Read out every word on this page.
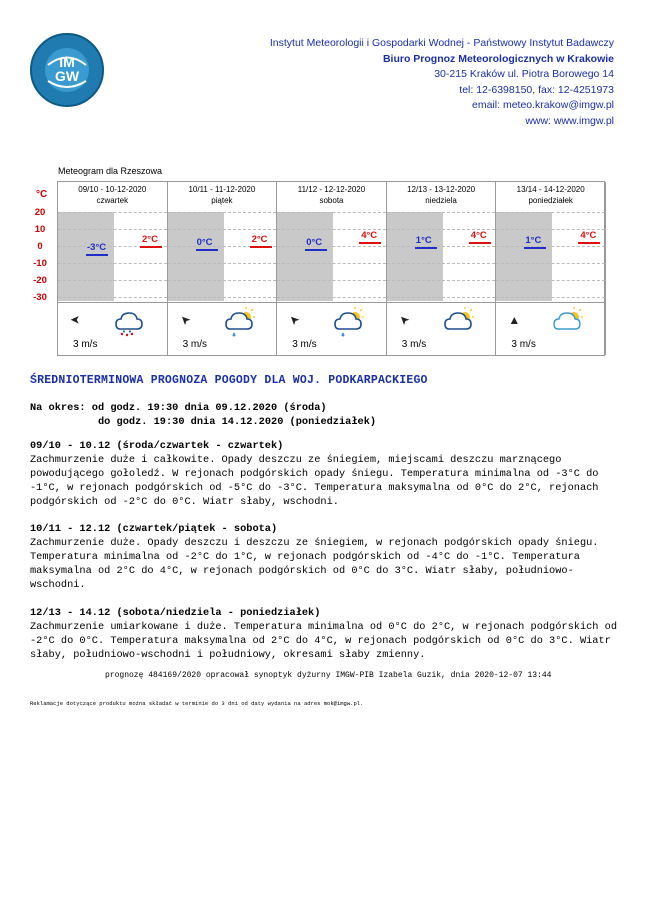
IM
GW
Instytut Meteorologii i Gospodarki Wodnej - Państwowy Instytut Badawczy
Biuro Prognoz Meteorologicznych w Krakowie
30-215 Kraków ul. Piotra Borowego 14
tel: 12-6398150, fax: 12-4251973
email: meteo.krakow@imgw.pl
www: www.imgw.pl
Meteogram dla Rzeszowa
°C
20
10
0
-10
-20
-30
09/10 - 10-12-2020
czwartek
-3°C
2°C
➤
3 m/s
10/11 - 11-12-2020
piątek
0°C	2°C
➤
3 m/s
11/12 - 12-12-2020
sobota
0°C
4°C
➤
3 m/s
12/13 - 13-12-2020
niedziela
1°C	4°C
➤
3 m/s
13/14 - 14-12-2020
poniedziałek
1°C	4°C
▲
3 m/s
ŚREDNIOTERMINOWA PROGNOZA POGODY DLA WOJ. PODKARPACKIEGO
Na okres: od godz. 19:30 dnia 09.12.2020 (środa)
do godz. 19:30 dnia 14.12.2020 (poniedziałek)
09/10 - 10.12 (środa/czwartek - czwartek)
Zachmurzenie duże i całkowite. Opady deszczu ze śniegiem, miejscami deszczu marznącego powodującego gołoledź. W rejonach podgórskich opady śniegu. Temperatura minimalna od -3°C do -1°C, w rejonach podgórskich od -5°C do -3°C. Temperatura maksymalna od 0°C do 2°C, rejonach podgórskich od -2°C do 0°C. Wiatr słaby, wschodni.
10/11 - 12.12 (czwartek/piątek - sobota)
Zachmurzenie duże. Opady deszczu i deszczu ze śniegiem, w rejonach podgórskich opady śniegu. Temperatura minimalna od -2°C do 1°C, w rejonach podgórskich od -4°C do -1°C. Temperatura maksymalna od 2°C do 4°C, w rejonach podgórskich od 0°C do 3°C. Wiatr słaby, południowo-wschodni.
12/13 - 14.12 (sobota/niedziela - poniedziałek)
Zachmurzenie umiarkowane i duże. Temperatura minimalna od 0°C do 2°C, w rejonach podgórskich od -2°C do 0°C. Temperatura maksymalna od 2°C do 4°C, w rejonach podgórskich od 0°C do 3°C. Wiatr słaby, południowo-wschodni i południowy, okresami słaby zmienny.
prognozę 484169/2020 opracował synoptyk dyżurny IMGW-PIB Izabela Guzik, dnia 2020-12-07 13:44
Reklamacje dotyczące produktu można składać w terminie do 3 dni od daty wydania na adres mok@imgw.pl.
